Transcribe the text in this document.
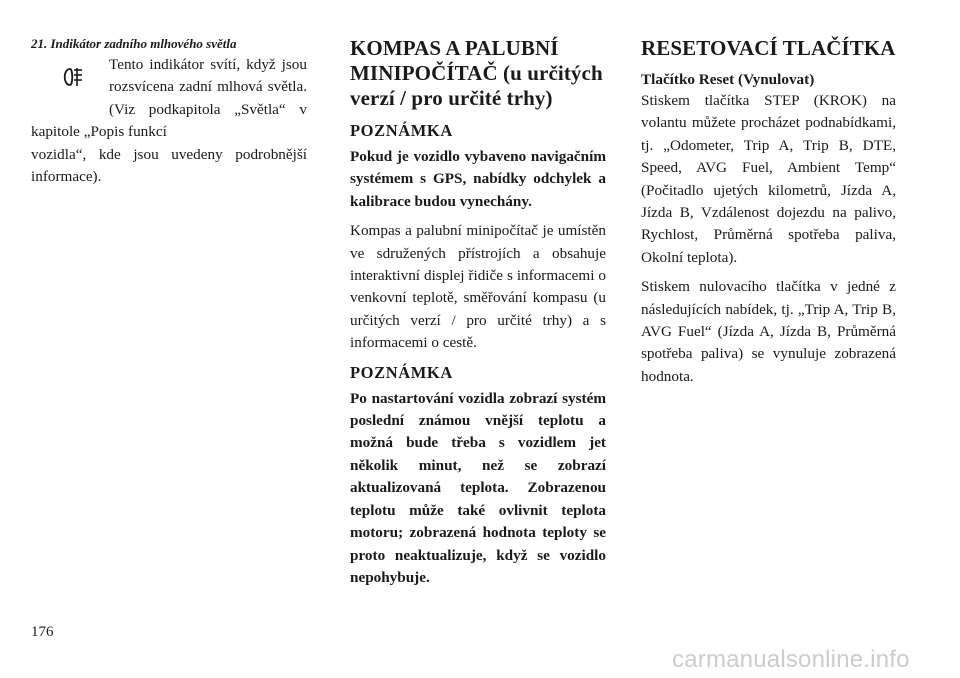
21. Indikátor zadního mlhového světla

Tento indikátor svítí, když jsou rozsvícena zadní mlhová světla. (Viz podkapitola „Světla“ v kapitole „Popis funkcí

vozidla“, kde jsou uvedeny podrobnější informace).

KOMPAS A PALUBNÍ MINIPOČÍTAČ (u určitých verzí / pro určité trhy)
POZNÁMKA

Pokud je vozidlo vybaveno navigačním systémem s GPS, nabídky odchylek a kalibrace budou vynechány.

Kompas a palubní minipočítač je umístěn ve sdružených přístrojích a obsahuje interaktivní displej řidiče s informacemi o venkovní teplotě, směřování kompasu (u určitých verzí / pro určité trhy) a s informacemi o cestě.

POZNÁMKA

Po nastartování vozidla zobrazí systém poslední známou vnější teplotu a možná bude třeba s vozidlem jet několik minut, než se zobrazí aktualizovaná teplota. Zobrazenou teplotu může také ovlivnit teplota motoru; zobrazená hodnota teploty se proto neaktualizuje, když se vozidlo nepohybuje.

RESETOVACÍ TLAČÍTKA
Tlačítko Reset (Vynulovat)

Stiskem tlačítka STEP (KROK) na volantu můžete procházet podnabídkami, tj. „Odometer, Trip A, Trip B, DTE, Speed, AVG Fuel, Ambient Temp“ (Počitadlo ujetých kilometrů, Jízda A, Jízda B, Vzdálenost dojezdu na palivo, Rychlost, Průměrná spotřeba paliva, Okolní teplota).

Stiskem nulovacího tlačítka v jedné z následujících nabídek, tj. „Trip A, Trip B, AVG Fuel“ (Jízda A, Jízda B, Průměrná spotřeba paliva) se vynuluje zobrazená hodnota.

176
carmanualsonline.info
